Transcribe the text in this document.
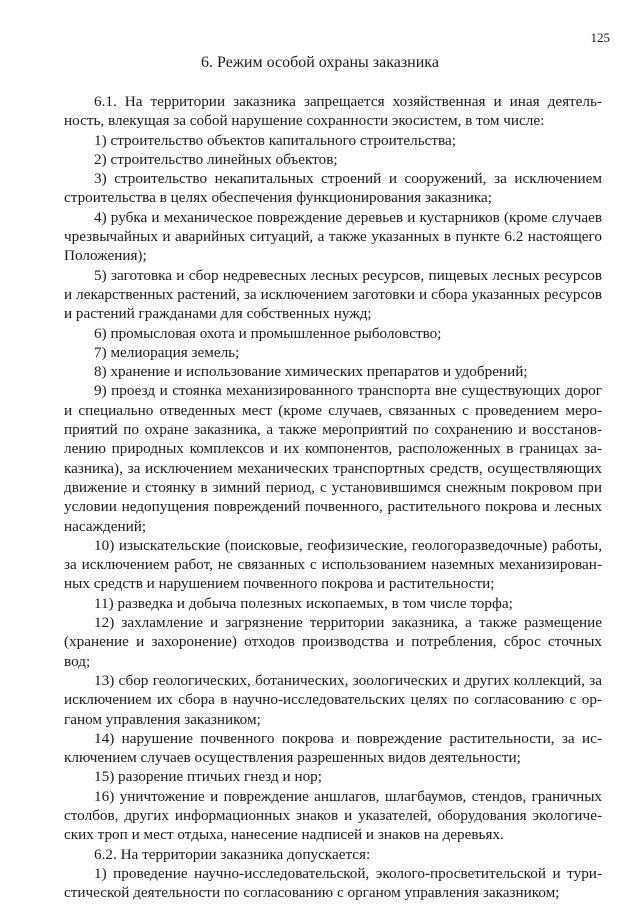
125
6. Режим особой охраны заказника

6.1. На территории заказника запрещается хозяйственная и иная деятельность, влекущая за собой нарушение сохранности экосистем, в том числе:

1) строительство объектов капитального строительства;

2) строительство линейных объектов;

3) строительство некапитальных строений и сооружений, за исключением строительства в целях обеспечения функционирования заказника;

4) рубка и механическое повреждение деревьев и кустарников (кроме случаев чрезвычайных и аварийных ситуаций, а также указанных в пункте 6.2 настоящего Положения);

5) заготовка и сбор недревесных лесных ресурсов, пищевых лесных ресурсов и лекарственных растений, за исключением заготовки и сбора указанных ресурсов и растений гражданами для собственных нужд;

6) промысловая охота и промышленное рыболовство;

7) мелиорация земель;

8) хранение и использование химических препаратов и удобрений;

9) проезд и стоянка механизированного транспорта вне существующих дорог и специально отведенных мест (кроме случаев, связанных с проведением мероприятий по охране заказника, а также мероприятий по сохранению и восстановлению природных комплексов и их компонентов, расположенных в границах заказника), за исключением механических транспортных средств, осуществляющих движение и стоянку в зимний период, с установившимся снежным покровом при условии недопущения повреждений почвенного, растительного покрова и лесных насаждений;

10) изыскательские (поисковые, геофизические, геологоразведочные) работы, за исключением работ, не связанных с использованием наземных механизированных средств и нарушением почвенного покрова и растительности;

11) разведка и добыча полезных ископаемых, в том числе торфа;

12) захламление и загрязнение территории заказника, а также размещение (хранение и захоронение) отходов производства и потребления, сброс сточных вод;

13) сбор геологических, ботанических, зоологических и других коллекций, за исключением их сбора в научно-исследовательских целях по согласованию с органом управления заказником;

14) нарушение почвенного покрова и повреждение растительности, за исключением случаев осуществления разрешенных видов деятельности;

15) разорение птичьих гнезд и нор;

16) уничтожение и повреждение аншлагов, шлагбаумов, стендов, граничных столбов, других информационных знаков и указателей, оборудования экологических троп и мест отдыха, нанесение надписей и знаков на деревьях.

6.2. На территории заказника допускается:

1) проведение научно-исследовательской, эколого-просветительской и туристической деятельности по согласованию с органом управления заказником;
